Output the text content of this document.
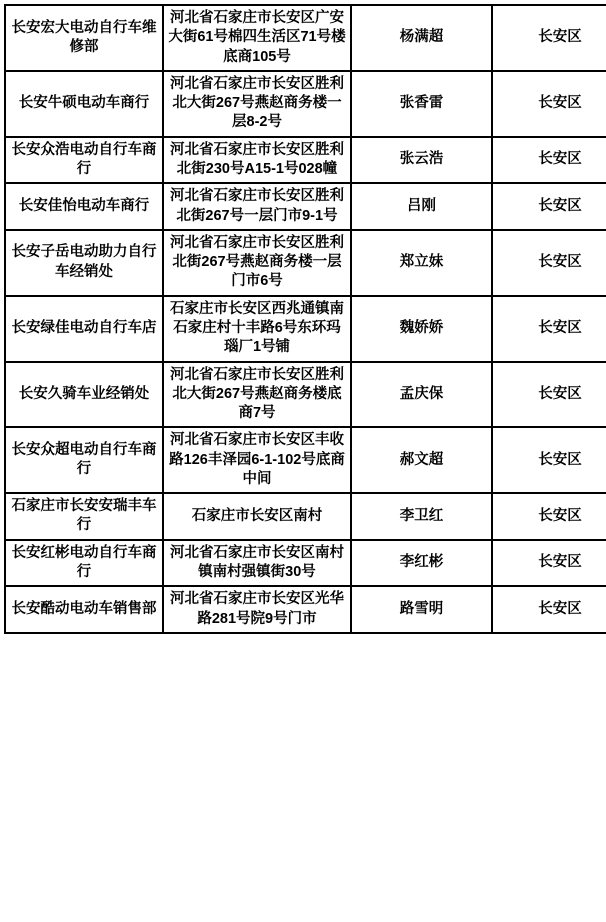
长安宏大电动自行车维修部	河北省石家庄市长安区广安大街61号棉四生活区71号楼底商105号	杨满超	长安区
长安牛硕电动车商行	河北省石家庄市长安区胜利北大街267号燕赵商务楼一层8-2号	张香雷	长安区
长安众浩电动自行车商行	河北省石家庄市长安区胜利北街230号A15-1号028幢	张云浩	长安区
长安佳怡电动车商行	河北省石家庄市长安区胜利北街267号一层门市9-1号	吕刚	长安区
长安子岳电动助力自行车经销处	河北省石家庄市长安区胜利北街267号燕赵商务楼一层门市6号	郑立妹	长安区
长安绿佳电动自行车店	石家庄市长安区西兆通镇南石家庄村十丰路6号东环玛瑙厂1号铺	魏娇娇	长安区
长安久骑车业经销处	河北省石家庄市长安区胜利北大街267号燕赵商务楼底商7号	孟庆保	长安区
长安众超电动自行车商行	河北省石家庄市长安区丰收路126丰泽园6-1-102号底商中间	郝文超	长安区
石家庄市长安安瑞丰车行	石家庄市长安区南村	李卫红	长安区
长安红彬电动自行车商行	河北省石家庄市长安区南村镇南村强镇街30号	李红彬	长安区
长安酷动电动车销售部	河北省石家庄市长安区光华路281号院9号门市	路雪明	长安区
